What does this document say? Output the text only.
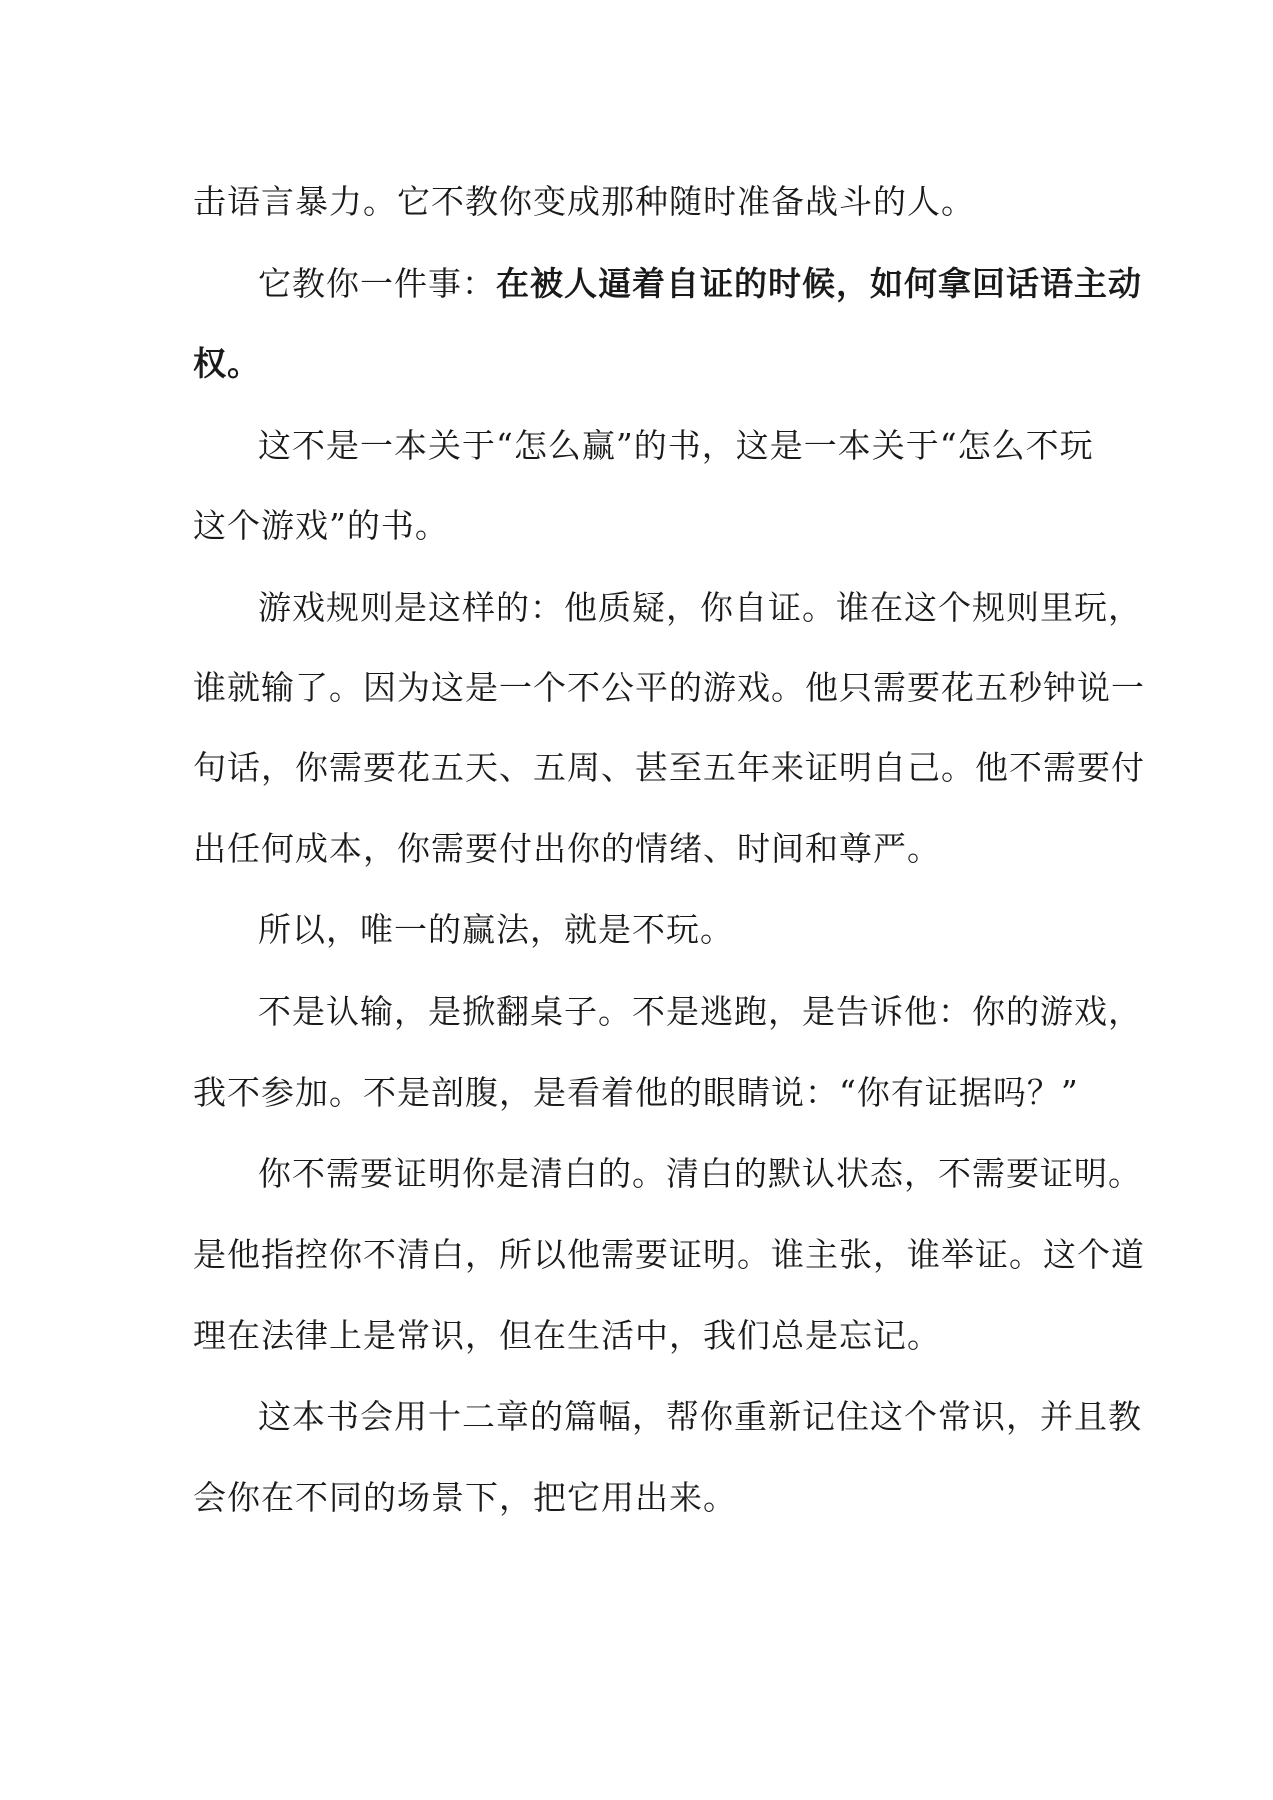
击语言暴力。它不教你变成那种随时准备战斗的人。
它教你一件事：在被人逼着自证的时候，如何拿回话语主动
权。
这不是一本关于“怎么赢”的书，这是一本关于“怎么不玩
这个游戏”的书。
游戏规则是这样的：他质疑，你自证。谁在这个规则里玩，
谁就输了。因为这是一个不公平的游戏。他只需要花五秒钟说一
句话，你需要花五天、五周、甚至五年来证明自己。他不需要付
出任何成本，你需要付出你的情绪、时间和尊严。
所以，唯一的赢法，就是不玩。
不是认输，是掀翻桌子。不是逃跑，是告诉他：你的游戏，
我不参加。不是剖腹，是看着他的眼睛说：“你有证据吗？”
你不需要证明你是清白的。清白的默认状态，不需要证明。
是他指控你不清白，所以他需要证明。谁主张，谁举证。这个道
理在法律上是常识，但在生活中，我们总是忘记。
这本书会用十二章的篇幅，帮你重新记住这个常识，并且教
会你在不同的场景下，把它用出来。
